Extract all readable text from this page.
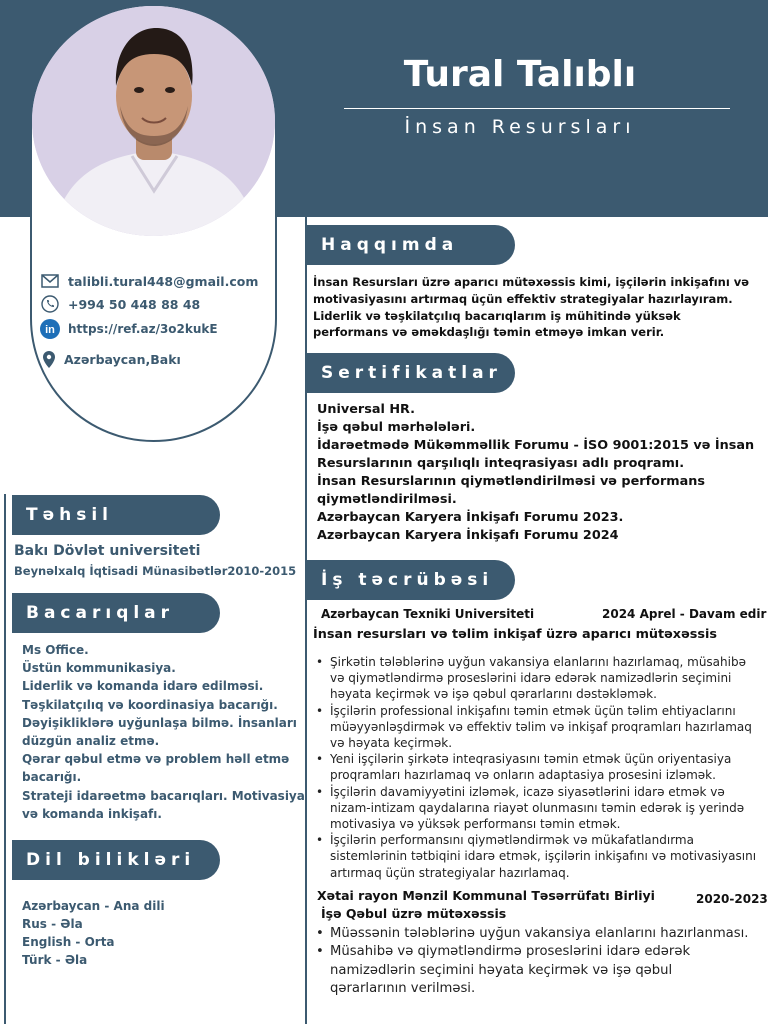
Tural Talıblı
İnsan Resursları
talibli.tural448@gmail.com
+994 50 448 88 48
in https://ref.az/3o2kukE
Azərbaycan,Bakı
Təhsil
Bakı Dövlət universiteti
Beynəlxalq İqtisadi Münasibətlər2010-2015
Bacarıqlar
Ms Office.
Üstün kommunikasiya.
Liderlik və komanda idarə edilməsi.
Təşkilatçılıq və koordinasiya bacarığı.
Dəyişikliklərə uyğunlaşa bilmə. İnsanları
düzgün analiz etmə.
Qərar qəbul etmə və problem həll etmə
bacarığı.
Strateji idarəetmə bacarıqları. Motivasiya
və komanda inkişafı.
Dil bilikləri
Azərbaycan - Ana dili
Rus - Əla
English - Orta
Türk - Əla
Haqqımda
İnsan Resursları üzrə aparıcı mütəxəssis kimi, işçilərin inkişafını və
motivasiyasını artırmaq üçün effektiv strategiyalar hazırlayıram.
Liderlik və təşkilatçılıq bacarıqlarım iş mühitində yüksək
performans və əməkdaşlığı təmin etməyə imkan verir.
Sertifikatlar
Universal HR.
İşə qəbul mərhələləri.
İdarəetmədə Mükəmməllik Forumu - İSO 9001:2015 və İnsan
Resurslarının qarşılıqlı inteqrasiyası adlı proqramı.
İnsan Resurslarının qiymətləndirilməsi və performans
qiymətləndirilməsi.
Azərbaycan Karyera İnkişafı Forumu 2023.
Azərbaycan Karyera İnkişafı Forumu 2024
İş təcrübəsi
Azərbaycan Texniki Universiteti	2024 Aprel - Davam edir
İnsan resursları və təlim inkişaf üzrə aparıcı mütəxəssis
• Şirkətin tələblərinə uyğun vakansiya elanlarını hazırlamaq, müsahibə
və qiymətləndirmə proseslərini idarə edərək namizədlərin seçimini
həyata keçirmək və işə qəbul qərarlarını dəstəkləmək.
• İşçilərin professional inkişafını təmin etmək üçün təlim ehtiyaclarını
müəyyənləşdirmək və effektiv təlim və inkişaf proqramları hazırlamaq
və həyata keçirmək.
• Yeni işçilərin şirkətə inteqrasiyasını təmin etmək üçün oriyentasiya
proqramları hazırlamaq və onların adaptasiya prosesini izləmək.
• İşçilərin davamiyyətini izləmək, icazə siyasətlərini idarə etmək və
nizam-intizam qaydalarına riayət olunmasını təmin edərək iş yerində
motivasiya və yüksək performansı təmin etmək.
• İşçilərin performansını qiymətləndirmək və mükafatlandırma
sistemlərinin tətbiqini idarə etmək, işçilərin inkişafını və motivasiyasını
artırmaq üçün strategiyalar hazırlamaq.
Xətai rayon Mənzil Kommunal Təsərrüfatı Birliyi	2020-2023
İşə Qəbul üzrə mütəxəssis
• Müəssənin tələblərinə uyğun vakansiya elanlarını hazırlanması.
• Müsahibə və qiymətləndirmə proseslərini idarə edərək
namizədlərin seçimini həyata keçirmək və işə qəbul
qərarlarının verilməsi.
